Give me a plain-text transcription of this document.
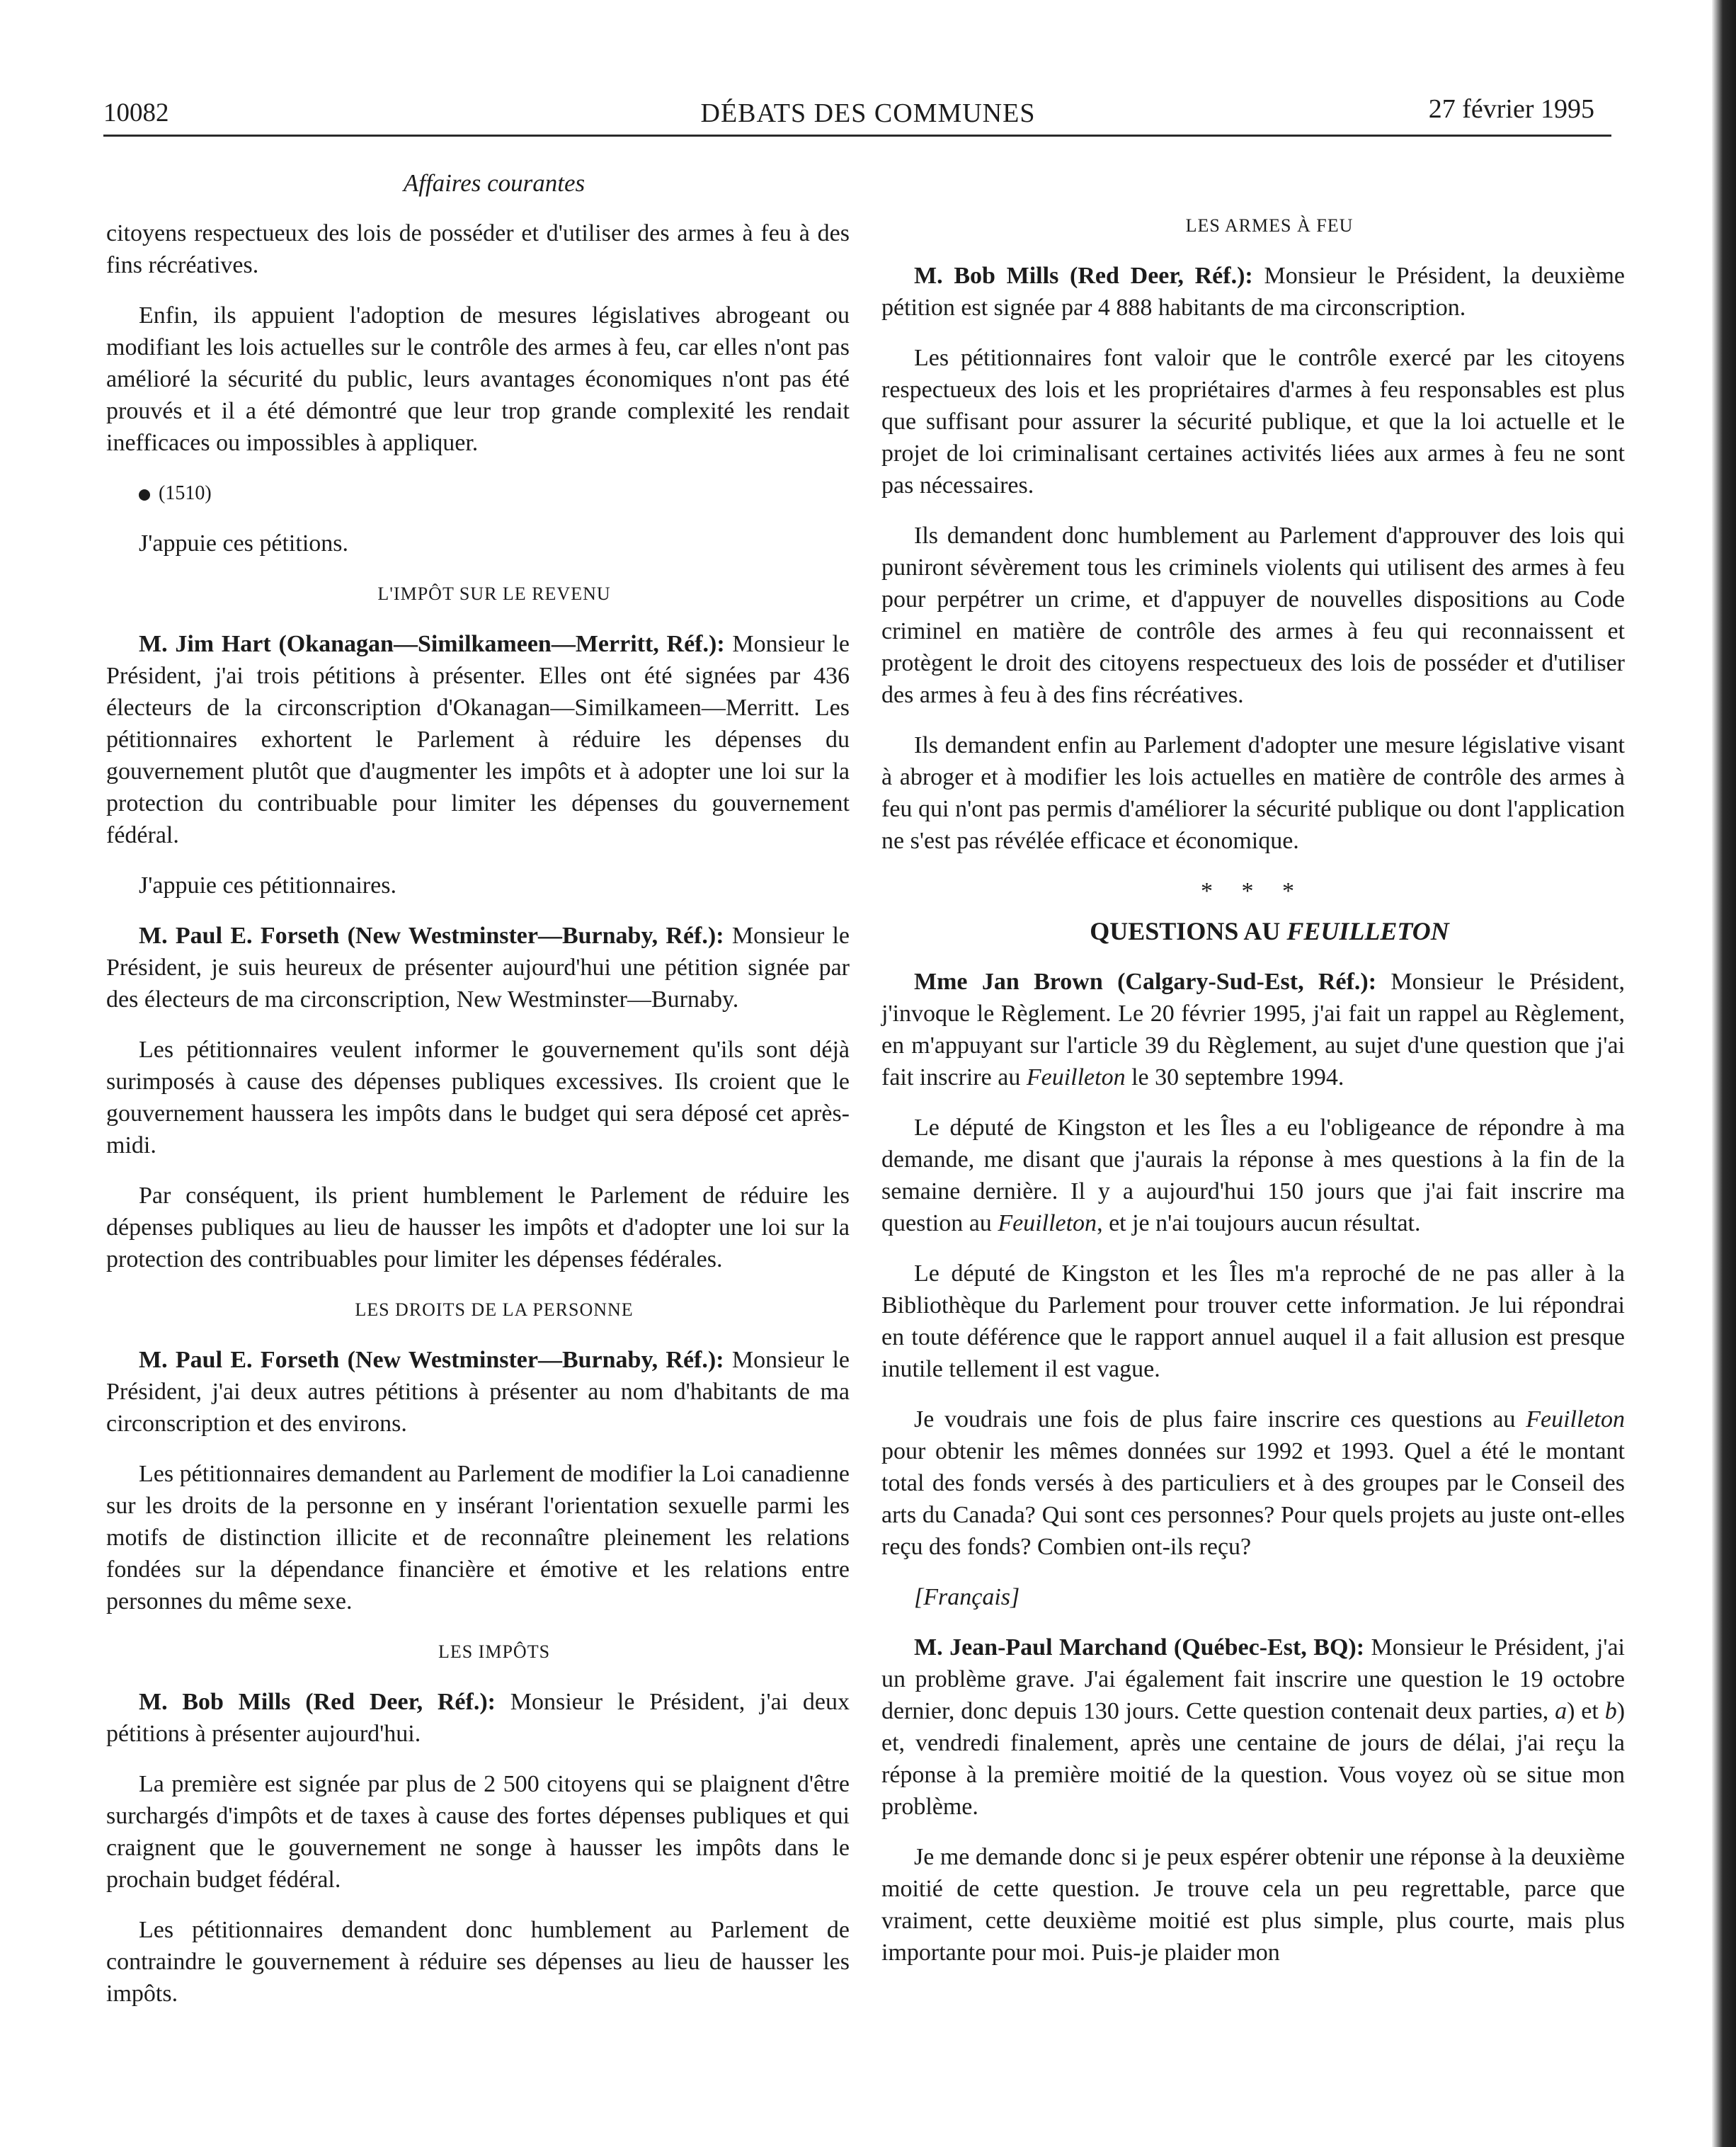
10082	DÉBATS DES COMMUNES	27 février 1995

Affaires courantes

citoyens respectueux des lois de posséder et d'utiliser des armes à feu à des fins récréatives.

Enfin, ils appuient l'adoption de mesures législatives abrogeant ou modifiant les lois actuelles sur le contrôle des armes à feu, car elles n'ont pas amélioré la sécurité du public, leurs avantages économiques n'ont pas été prouvés et il a été démontré que leur trop grande complexité les rendait inefficaces ou impossibles à appliquer.

(1510)

J'appuie ces pétitions.

L'IMPÔT SUR LE REVENU

M. Jim Hart (Okanagan—Similkameen—Merritt, Réf.): Monsieur le Président, j'ai trois pétitions à présenter. Elles ont été signées par 436 électeurs de la circonscription d'Okanagan—Similkameen—Merritt. Les pétitionnaires exhortent le Parlement à réduire les dépenses du gouvernement plutôt que d'augmenter les impôts et à adopter une loi sur la protection du contribuable pour limiter les dépenses du gouvernement fédéral.

J'appuie ces pétitionnaires.

M. Paul E. Forseth (New Westminster—Burnaby, Réf.): Monsieur le Président, je suis heureux de présenter aujourd'hui une pétition signée par des électeurs de ma circonscription, New Westminster—Burnaby.

Les pétitionnaires veulent informer le gouvernement qu'ils sont déjà surimposés à cause des dépenses publiques excessives. Ils croient que le gouvernement haussera les impôts dans le budget qui sera déposé cet après-midi.

Par conséquent, ils prient humblement le Parlement de réduire les dépenses publiques au lieu de hausser les impôts et d'adopter une loi sur la protection des contribuables pour limiter les dépenses fédérales.

LES DROITS DE LA PERSONNE

M. Paul E. Forseth (New Westminster—Burnaby, Réf.): Monsieur le Président, j'ai deux autres pétitions à présenter au nom d'habitants de ma circonscription et des environs.

Les pétitionnaires demandent au Parlement de modifier la Loi canadienne sur les droits de la personne en y insérant l'orientation sexuelle parmi les motifs de distinction illicite et de reconnaître pleinement les relations fondées sur la dépendance financière et émotive et les relations entre personnes du même sexe.

LES IMPÔTS

M. Bob Mills (Red Deer, Réf.): Monsieur le Président, j'ai deux pétitions à présenter aujourd'hui.

La première est signée par plus de 2 500 citoyens qui se plaignent d'être surchargés d'impôts et de taxes à cause des fortes dépenses publiques et qui craignent que le gouvernement ne songe à hausser les impôts dans le prochain budget fédéral.

Les pétitionnaires demandent donc humblement au Parlement de contraindre le gouvernement à réduire ses dépenses au lieu de hausser les impôts.

LES ARMES À FEU

M. Bob Mills (Red Deer, Réf.): Monsieur le Président, la deuxième pétition est signée par 4 888 habitants de ma circonscription.

Les pétitionnaires font valoir que le contrôle exercé par les citoyens respectueux des lois et les propriétaires d'armes à feu responsables est plus que suffisant pour assurer la sécurité publique, et que la loi actuelle et le projet de loi criminalisant certaines activités liées aux armes à feu ne sont pas nécessaires.

Ils demandent donc humblement au Parlement d'approuver des lois qui puniront sévèrement tous les criminels violents qui utilisent des armes à feu pour perpétrer un crime, et d'appuyer de nouvelles dispositions au Code criminel en matière de contrôle des armes à feu qui reconnaissent et protègent le droit des citoyens respectueux des lois de posséder et d'utiliser des armes à feu à des fins récréatives.

Ils demandent enfin au Parlement d'adopter une mesure législative visant à abroger et à modifier les lois actuelles en matière de contrôle des armes à feu qui n'ont pas permis d'améliorer la sécurité publique ou dont l'application ne s'est pas révélée efficace et économique.

* * *

QUESTIONS AU FEUILLETON

Mme Jan Brown (Calgary-Sud-Est, Réf.): Monsieur le Président, j'invoque le Règlement. Le 20 février 1995, j'ai fait un rappel au Règlement, en m'appuyant sur l'article 39 du Règlement, au sujet d'une question que j'ai fait inscrire au Feuilleton le 30 septembre 1994.

Le député de Kingston et les Îles a eu l'obligeance de répondre à ma demande, me disant que j'aurais la réponse à mes questions à la fin de la semaine dernière. Il y a aujourd'hui 150 jours que j'ai fait inscrire ma question au Feuilleton, et je n'ai toujours aucun résultat.

Le député de Kingston et les Îles m'a reproché de ne pas aller à la Bibliothèque du Parlement pour trouver cette information. Je lui répondrai en toute déférence que le rapport annuel auquel il a fait allusion est presque inutile tellement il est vague.

Je voudrais une fois de plus faire inscrire ces questions au Feuilleton pour obtenir les mêmes données sur 1992 et 1993. Quel a été le montant total des fonds versés à des particuliers et à des groupes par le Conseil des arts du Canada? Qui sont ces personnes? Pour quels projets au juste ont-elles reçu des fonds? Combien ont-ils reçu?

[Français]

M. Jean-Paul Marchand (Québec-Est, BQ): Monsieur le Président, j'ai un problème grave. J'ai également fait inscrire une question le 19 octobre dernier, donc depuis 130 jours. Cette question contenait deux parties, a) et b) et, vendredi finalement, après une centaine de jours de délai, j'ai reçu la réponse à la première moitié de la question. Vous voyez où se situe mon problème.

Je me demande donc si je peux espérer obtenir une réponse à la deuxième moitié de cette question. Je trouve cela un peu regrettable, parce que vraiment, cette deuxième moitié est plus simple, plus courte, mais plus importante pour moi. Puis-je plaider mon
